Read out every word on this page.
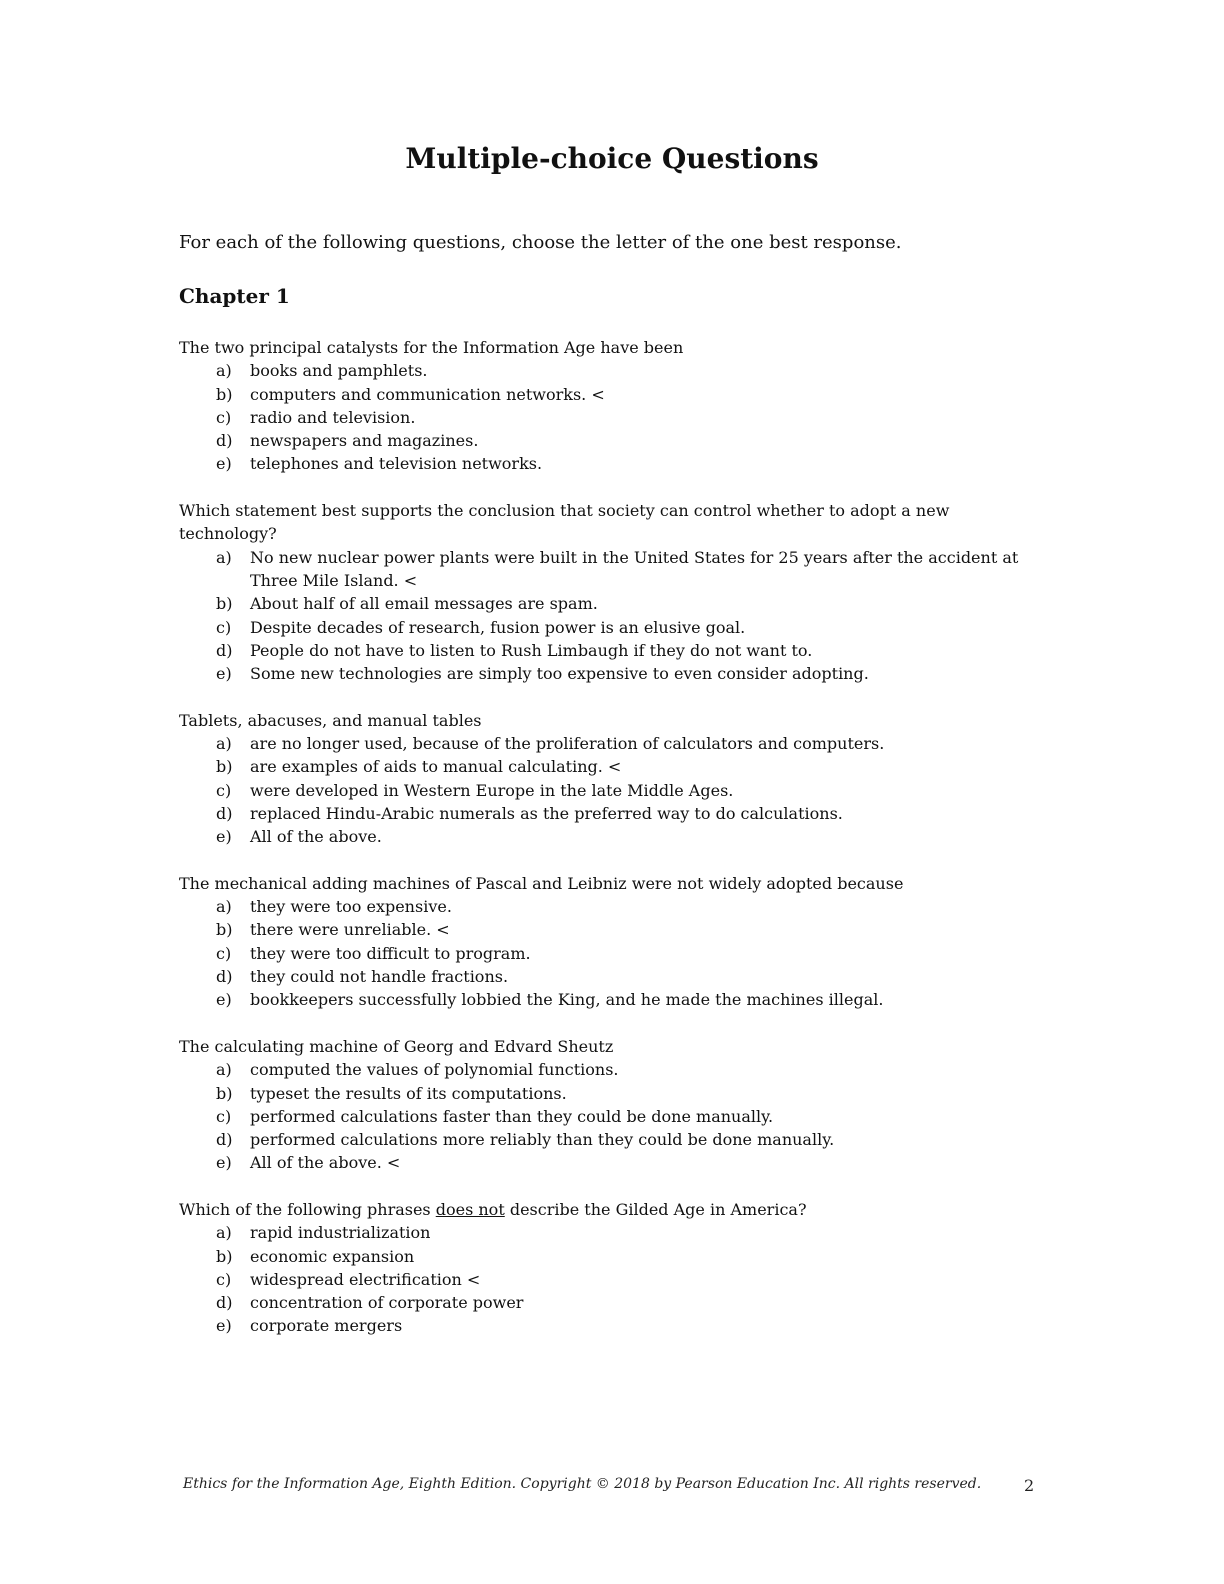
Multiple-choice Questions
For each of the following questions, choose the letter of the one best response.
Chapter 1

The two principal catalysts for the Information Age have been

a) books and pamphlets.
b) computers and communication networks. <
c) radio and television.
d) newspapers and magazines.
e) telephones and television networks.

Which statement best supports the conclusion that society can control whether to adopt a new technology?

a) No new nuclear power plants were built in the United States for 25 years after the accident at Three Mile Island. <
b) About half of all email messages are spam.
c) Despite decades of research, fusion power is an elusive goal.
d) People do not have to listen to Rush Limbaugh if they do not want to.
e) Some new technologies are simply too expensive to even consider adopting.

Tablets, abacuses, and manual tables

a) are no longer used, because of the proliferation of calculators and computers.
b) are examples of aids to manual calculating. <
c) were developed in Western Europe in the late Middle Ages.
d) replaced Hindu-Arabic numerals as the preferred way to do calculations.
e) All of the above.

The mechanical adding machines of Pascal and Leibniz were not widely adopted because

a) they were too expensive.
b) there were unreliable. <
c) they were too difficult to program.
d) they could not handle fractions.
e) bookkeepers successfully lobbied the King, and he made the machines illegal.

The calculating machine of Georg and Edvard Sheutz

a) computed the values of polynomial functions.
b) typeset the results of its computations.
c) performed calculations faster than they could be done manually.
d) performed calculations more reliably than they could be done manually.
e) All of the above. <

Which of the following phrases does not describe the Gilded Age in America?

a) rapid industrialization
b) economic expansion
c) widespread electrification <
d) concentration of corporate power
e) corporate mergers
Ethics for the Information Age, Eighth Edition. Copyright © 2018 by Pearson Education Inc. All rights reserved.	2
